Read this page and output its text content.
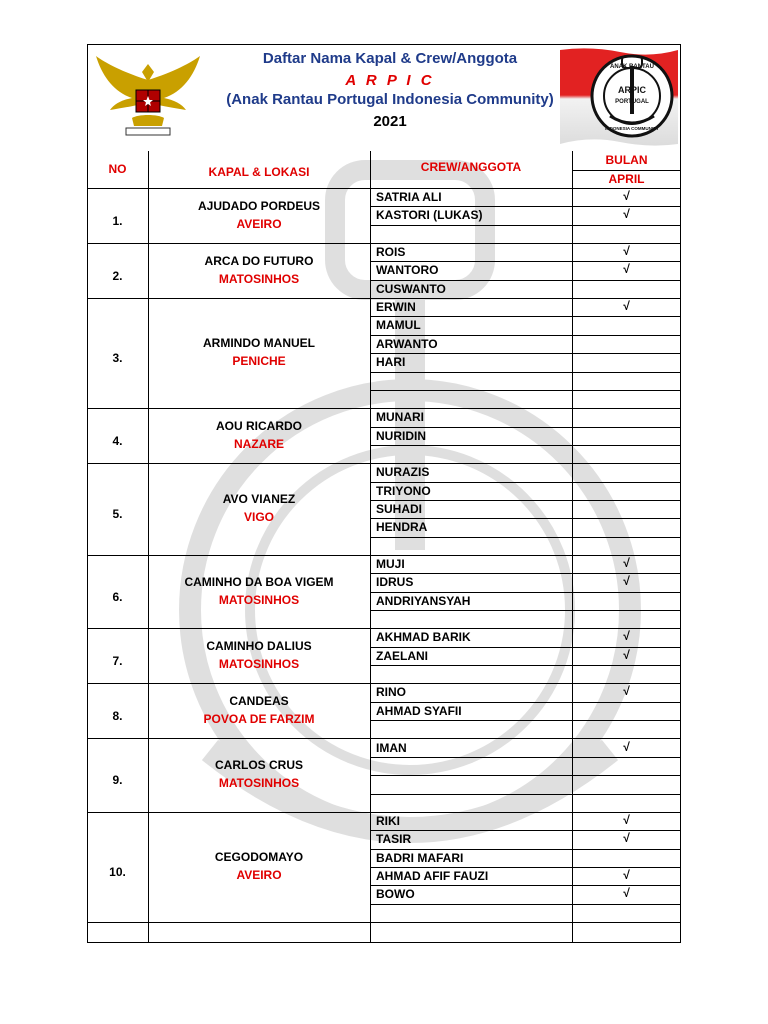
ANAK RANTAU
ARPIC
PORTUGAL
INDONESIA COMMUNITY
Daftar Nama Kapal & Crew/Anggota
A R P I C
(Anak Rantau Portugal Indonesia Community)
2021
NO	KAPAL & LOKASI	CREW/ANGGOTA	BULAN
APRIL
1.
AJUDADO PORDEUS
AVEIRO
SATRIA ALI	√
KASTORI (LUKAS)	√
2.
ARCA DO FUTURO
MATOSINHOS
ROIS	√
WANTORO	√
CUSWANTO
3.
ARMINDO MANUEL
PENICHE
ERWIN	√
MAMUL
ARWANTO
HARI
4.
AOU RICARDO
NAZARE
MUNARI
NURIDIN
5.
AVO VIANEZ
VIGO
NURAZIS
TRIYONO
SUHADI
HENDRA
6.
CAMINHO DA BOA VIGEM
MATOSINHOS
MUJI	√
IDRUS	√
ANDRIYANSYAH
7.
CAMINHO DALIUS
MATOSINHOS
AKHMAD BARIK	√
ZAELANI	√
8.
CANDEAS
POVOA DE FARZIM
RINO	√
AHMAD SYAFII
9.
CARLOS CRUS
MATOSINHOS
IMAN	√
10.
CEGODOMAYO
AVEIRO
RIKI	√
TASIR	√
BADRI MAFARI
AHMAD AFIF FAUZI	√
BOWO	√
